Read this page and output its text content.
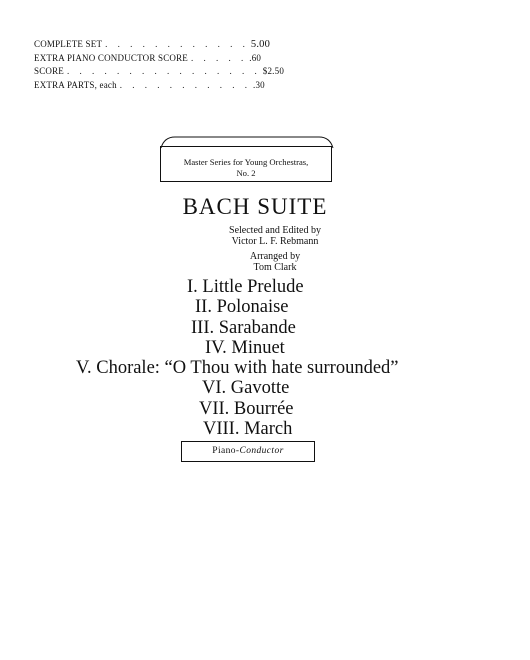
COMPLETE SET . . . . . . . . . . . . 5.00
EXTRA PIANO CONDUCTOR SCORE . . . . . .60
SCORE . . . . . . . . . . . . . . . . $2.50
EXTRA PARTS, each . . . . . . . . . . . .30
Master Series for Young Orchestras,
No. 2
BACH SUITE
Selected and Edited by
Victor L. F. Rebmann
Arranged by
Tom Clark
I. Little Prelude
II. Polonaise
III. Sarabande
IV. Minuet
V. Chorale: “O Thou with hate surrounded”
VI. Gavotte
VII. Bourrée
VIII. March
Piano-Conductor
